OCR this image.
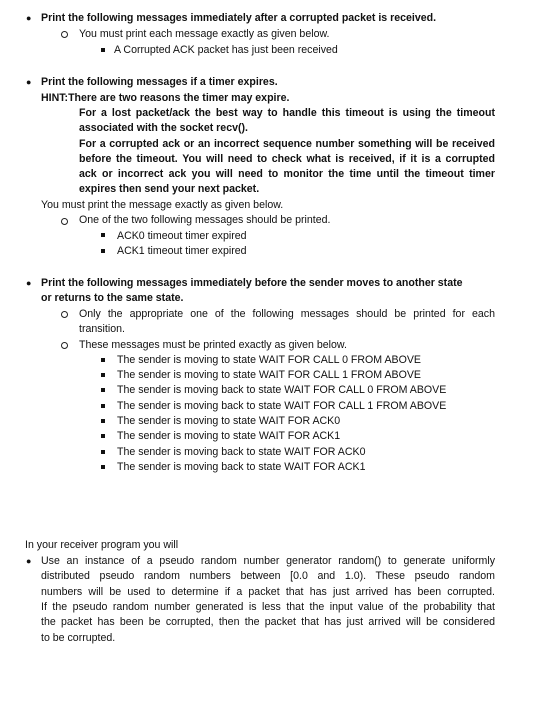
● Print the following messages immediately after a corrupted packet is received.
You must print each message exactly as given below.
A Corrupted ACK packet has just been received
● Print the following messages if a timer expires.
HINT:There are two reasons the timer may expire.
For a lost packet/ack the best way to handle this timeout is using the timeout
associated with the socket recv().
For a corrupted ack or an incorrect sequence number something will be received
before the timeout. You will need to check what is received, if it is a corrupted
ack or incorrect ack you will need to monitor the time until the timeout timer
expires then send your next packet.
You must print the message exactly as given below.
One of the two following messages should be printed.
ACK0 timeout timer expired
ACK1 timeout timer expired
● Print the following messages immediately before the sender moves to another state
or returns to the same state.
Only the appropriate one of the following messages should be printed for each
transition.
These messages must be printed exactly as given below.
The sender is moving to state WAIT FOR CALL 0 FROM ABOVE
The sender is moving to state WAIT FOR CALL 1 FROM ABOVE
The sender is moving back to state WAIT FOR CALL 0 FROM ABOVE
The sender is moving back to state WAIT FOR CALL 1 FROM ABOVE
The sender is moving to state WAIT FOR ACK0
The sender is moving to state WAIT FOR ACK1
The sender is moving back to state WAIT FOR ACK0
The sender is moving back to state WAIT FOR ACK1
In your receiver program you will
● Use an instance of a pseudo random number generator random() to generate uniformly
distributed pseudo random numbers between [0.0 and 1.0). These pseudo random
numbers will be used to determine if a packet that has just arrived has been corrupted.
If the pseudo random number generated is less that the input value of the probability that
the packet has been be corrupted, then the packet that has just arrived will be considered
to be corrupted.
